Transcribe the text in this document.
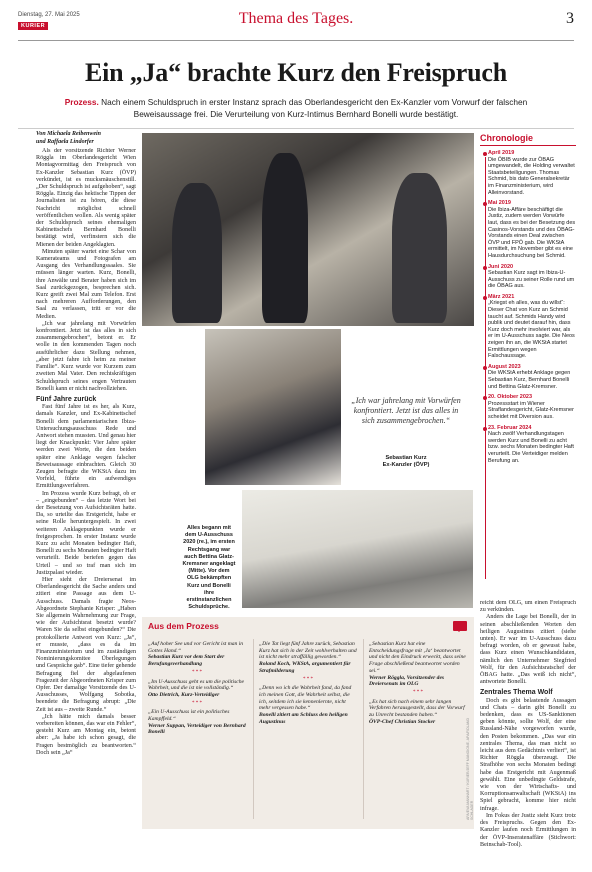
Dienstag, 27. Mai 2025
KURIER	Thema des Tages.	3
Ein „Ja“ brachte Kurz den Freispruch
Prozess. Nach einem Schuldspruch in erster Instanz sprach das Oberlandesgericht den Ex-Kanzler vom Vorwurf der falschen Beweisaussage frei. Die Verurteilung von Kurz-Intimus Bernhard Bonelli wurde bestätigt.
Von Michaela Reibenwein
und Raffaela Lindorfer

Als der vorsitzende Richter Werner Röggla im Oberlandesgericht Wien Montagvormittag den Freispruch von Ex-Kanzler Sebastian Kurz (ÖVP) verkündet, ist es mucksmäuschenstill. „Der Schuldspruch ist aufgehoben“, sagt Röggla. Einzig das hektische Tippen der Journalisten ist zu hören, die diese Nachricht möglichst schnell veröffentlichen wollen. Als wenig später der Schuldspruch seines ehemaligen Kabinettschefs Bernhard Bonelli bestätigt wird, verfinstern sich die Mienen der beiden Angeklagten.

Minuten später wartet eine Schar von Kamerateams und Fotografen am Ausgang des Verhandlungssaales. Sie müssen länger warten. Kurz, Bonelli, ihre Anwälte und Berater haben sich im Saal zurückgezogen, besprechen sich. Kurz greift zwei Mal zum Telefon. Erst nach mehreren Aufforderungen, den Saal zu verlassen, tritt er vor die Medien.

„Ich war jahrelang mit Vorwürfen konfrontiert. Jetzt ist das alles in sich zusammengebrochen“, betont er. Er wolle in den kommenden Tagen noch ausführlicher dazu Stellung nehmen, „aber jetzt fahre ich heim zu meiner Familie“. Kurz wurde vor Kurzem zum zweiten Mal Vater. Den rechtskräftigen Schuldspruch seines engen Vertrauten Bonelli kann er nicht nachvollziehen.

Fünf Jahre zurück

Fast fünf Jahre ist es her, als Kurz, damals Kanzler, und Ex-Kabinettschef Bonelli dem parlamentarischen Ibiza-Untersuchungsausschuss Rede und Antwort stehen mussten. Und genau hier liegt der Knackpunkt: Vier Jahre später werden zwei Worte, die den beiden später eine Anklage wegen falscher Beweisaussage einbrachten. Gleich 30 Zeugen befragte die WKStA dazu im Vorfeld, führte ein aufwendiges Ermittlungsverfahren.

Im Prozess wurde Kurz befragt, ob er – „eingebunden“ – das letzte Wort bei der Besetzung von Aufsichtsräten hatte. Da, so urteilte das Erstgericht, habe er seine Rolle heruntergespielt. In zwei weiteren Anklagepunkten wurde er freigesprochen. In erster Instanz wurde Kurz zu acht Monaten bedingter Haft, Bonelli zu sechs Monaten bedingter Haft verurteilt. Beide beriefen gegen das Urteil – und so traf man sich im Justizpalast wieder.

Hier sieht der Dreiersenat im Oberlandesgericht die Sache anders und zitiert eine Passage aus dem U-Ausschuss. Damals fragte Neos-Abgeordnete Stephanie Krisper: „Haben Sie allgemein Wahrnehmung zur Frage, wie der Aufsichtsrat besetzt wurde? Waren Sie da selbst eingebunden?“ Die protokollierte Antwort von Kurz: „Ja“, er musste, „dass es da im Finanzministerium und im zuständigen Nominierungskomitee Überlegungen und Gespräche gab“. Eine tiefer gehende Befragung fiel der abgelaufenen Fragezeit der Abgeordneten Krisper zum Opfer. Der damalige Vorsitzende des U-Ausschusses, Wolfgang Sobotka, beendete die Befragung abrupt: „Die Zeit ist aus – zweite Runde.“

„Ich hätte mich damals besser vorbereiten können, das war ein Fehler“, gesteht Kurz am Montag ein, betont aber: „Ja habe ich schon gesagt, die Fragen bestmöglich zu beantworten.“ Doch sein „Ja“

„Ich war jahrelang mit Vorwürfen konfrontiert. Jetzt ist das alles in sich zusammengebrochen.“
Sebastian Kurz
Ex-Kanzler (ÖVP)
Alles begann mit dem U-Ausschuss 2020 (re.), im ersten Rechtsgang war auch Bettina Glatz-Kremsner angeklagt (Mitte). Vor dem OLG bekämpften Kurz und Bonelli ihre erstinstanzlichen Schuldsprüche.
Chronologie
April 2019
Die ÖBIB wurde zur ÖBAG umgewandelt, die Holding verwaltet Staatsbeteiligungen. Thomas Schmid, bis dato Generalsekretär im Finanzministerium, wird Alleinvorstand.
Mai 2019
Die Ibiza-Affäre beschäftigt die Justiz, zudem werden Vorwürfe laut, dass es bei der Besetzung des Casinos-Vorstands und des ÖBAG-Vorstands einen Deal zwischen ÖVP und FPÖ gab. Die WKStA ermittelt, im November gibt es eine Hausdurchsuchung bei Schmid.
Juni 2020
Sebastian Kurz sagt im Ibiza-U-Ausschuss zu seiner Rolle rund um die ÖBAG aus.
März 2021
„Kriegst eh alles, was du willst“: Dieser Chat von Kurz an Schmid taucht auf. Schmids Handy wird publik und deutet darauf hin, dass Kurz doch mehr involviert war, als er im U-Ausschuss sagte. Die Neos zeigen ihn an, die WKStA startet Ermittlungen wegen Falschaussage.
August 2023
Die WKStA erhebt Anklage gegen Sebastian Kurz, Bernhard Bonelli und Bettina Glatz-Kremsner.
20. Oktober 2023
Prozessstart im Wiener Straflandesgericht, Glatz-Kremsner scheidet mit Diversion aus.
23. Februar 2024
Nach zwölf Verhandlungstagen werden Kurz und Bonelli zu acht bzw. sechs Monaten bedingter Haft verurteilt. Die Verteidiger melden Berufung an.

reicht dem OLG, um einen Freispruch zu verkünden.

Anders die Lage bei Bonelli, der in seinen abschließenden Worten den heiligen Augustinus zitiert (siehe unten). Er war im U-Ausschuss dazu befragt worden, ob er gewusst habe, dass Kurz einen Wunschkandidaten, nämlich den Unternehmer Siegfried Wolf, für den Aufsichtsratschef der ÖBAG hatte. „Das weiß ich nicht“, antwortete Bonelli.

Zentrales Thema Wolf

Doch es gibt belastende Aussagen und Chats – darin gibt Bonelli zu bedenken, dass es US-Sanktionen geben könnte, sollte Wolf, der eine Russland-Nähe vorgeworfen wurde, den Posten bekommen. „Das war ein zentrales Thema, das man nicht so leicht aus dem Gedächtnis verliert“, ist Richter Röggla überzeugt. Die Strafhöhe von sechs Monaten bedingt habe das Erstgericht mit Augenmaß gewählt. Eine unbedingte Geldstrafe, wie von der Wirtschafts- und Korruptionsanwaltschaft (WKStA) ins Spiel gebracht, komme hier nicht infrage.

Im Fokus der Justiz steht Kurz trotz des Freispruchs. Gegen den Ex-Kanzler laufen noch Ermittlungen in der ÖVP-Inseratenaffäre (Stichwort: Beinschab-Tool).

Aus dem Prozess
„Auf hoher See und vor Gericht ist man in Gottes Hand.“
Sebastian Kurz vor dem Start der Berufungsverhandlung
* * *
„Im U-Ausschuss geht es um die politische Wahrheit, und die ist nie vollständig.“
Otto Dietrich, Kurz-Verteidiger
* * *
„Ein U-Ausschuss ist ein politisches Kampffeld.“
Werner Suppan, Verteidiger von Bernhard Bonelli
„Die Tat liegt fünf Jahre zurück, Sebastian Kurz hat sich in der Zeit wohlverhalten und ist nicht mehr straffällig geworden.“
Roland Koch, WKStA, argumentiert für Strafmilderung
* * *
„Denn wo ich die Wahrheit fand, da fand ich meinen Gott, die Wahrheit selbst, die ich, seitdem ich sie kennenlernte, nicht mehr vergessen habe.“
Bonelli zitiert am Schluss den heiligen Augustinus
„Sebastian Kurz hat eine Entscheidungsfrage mit ‚Ja‘ beantwortet und nicht den Eindruck erweckt, dass seine Frage abschließend beantwortet worden sei.“
Werner Röggla, Vorsitzender des Dreiersenats im OLG
* * *
„Es hat sich nach einem sehr langen Verfahren herausgestellt, dass der Vorwurf zu Unrecht bestanden haben.“
ÖVP-Chef Christian Stocker	APA/EVA MANHART / KURIER/JEFF MANGIONE, APA/ROLAND SCHLAGER
